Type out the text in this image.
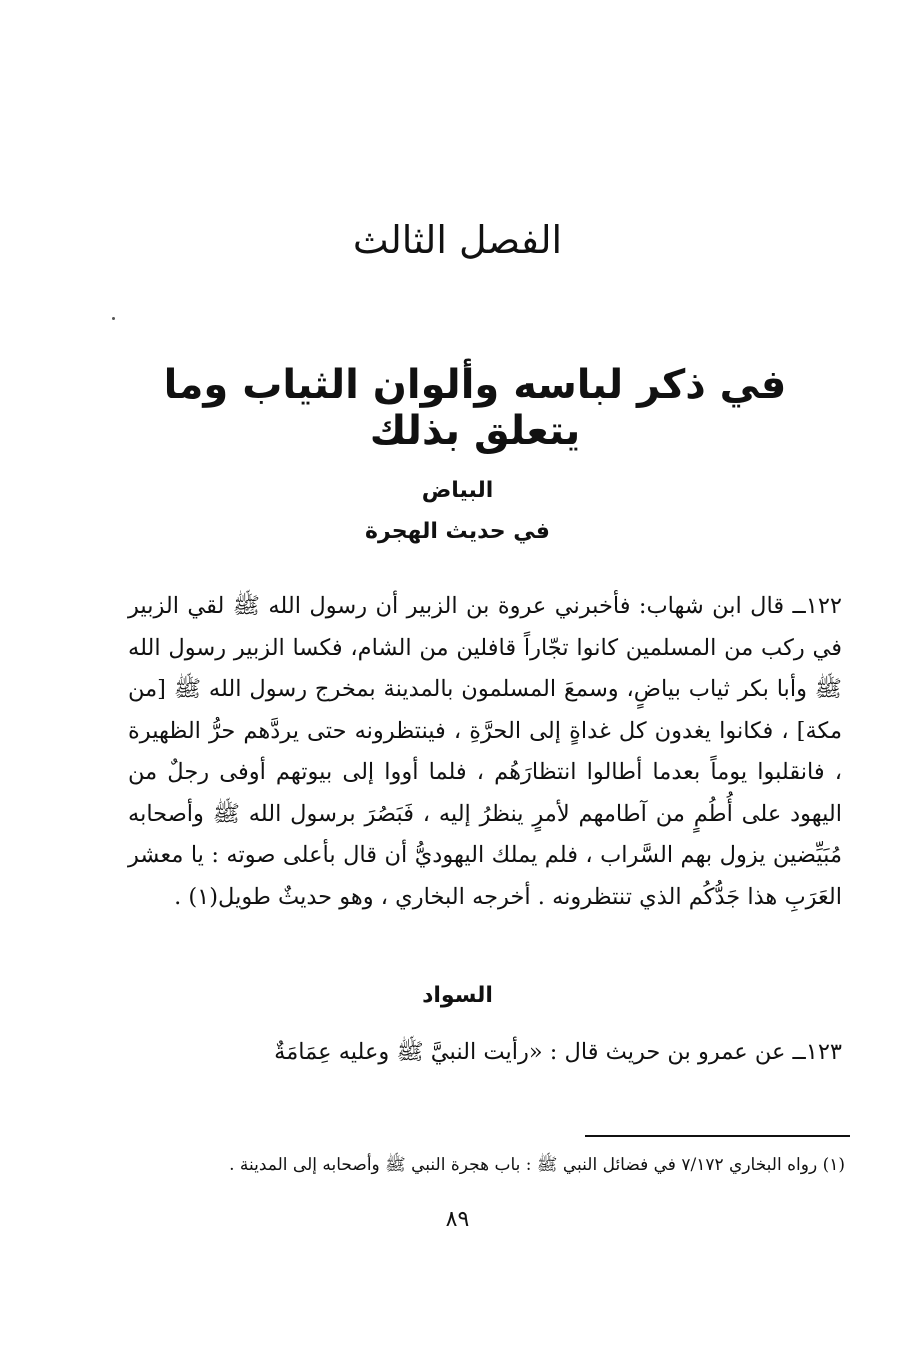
الفصل الثالث
في ذكر لباسه وألوان الثياب وما يتعلق بذلك
البياض
في حديث الهجرة
١٢٢ــ قال ابن شهاب: فأخبرني عروة بن الزبير أن رسول الله ﷺ لقي الزبير في ركب من المسلمين كانوا تجّاراً قافلين من الشام، فكسا الزبير رسول الله ﷺ وأبا بكر ثياب بياضٍ، وسمعَ المسلمون بالمدينة بمخرج رسول الله ﷺ [من مكة] ، فكانوا يغدون كل غداةٍ إلى الحرَّةِ ، فينتظرونه حتى يردَّهم حرُّ الظهيرة ، فانقلبوا يوماً بعدما أطالوا انتظارَهُم ، فلما أووا إلى بيوتهم أوفى رجلٌ من اليهود على أُطُمٍ من آطامهم لأمرٍ ينظرُ إليه ، فَبَصُرَ برسول الله ﷺ وأصحابه مُبَيِّضين يزول بهم السَّراب ، فلم يملك اليهوديُّ أن قال بأعلى صوته : يا معشر العَرَبِ هذا جَدُّكُم الذي تنتظرونه . أخرجه البخاري ، وهو حديثٌ طويل(١) .
السواد
١٢٣ــ عن عمرو بن حريث قال : «رأيت النبيَّ ﷺ وعليه عِمَامَةٌ
(١) رواه البخاري ٧/١٧٢ في فضائل النبي ﷺ : باب هجرة النبي ﷺ وأصحابه إلى المدينة .
٨٩
